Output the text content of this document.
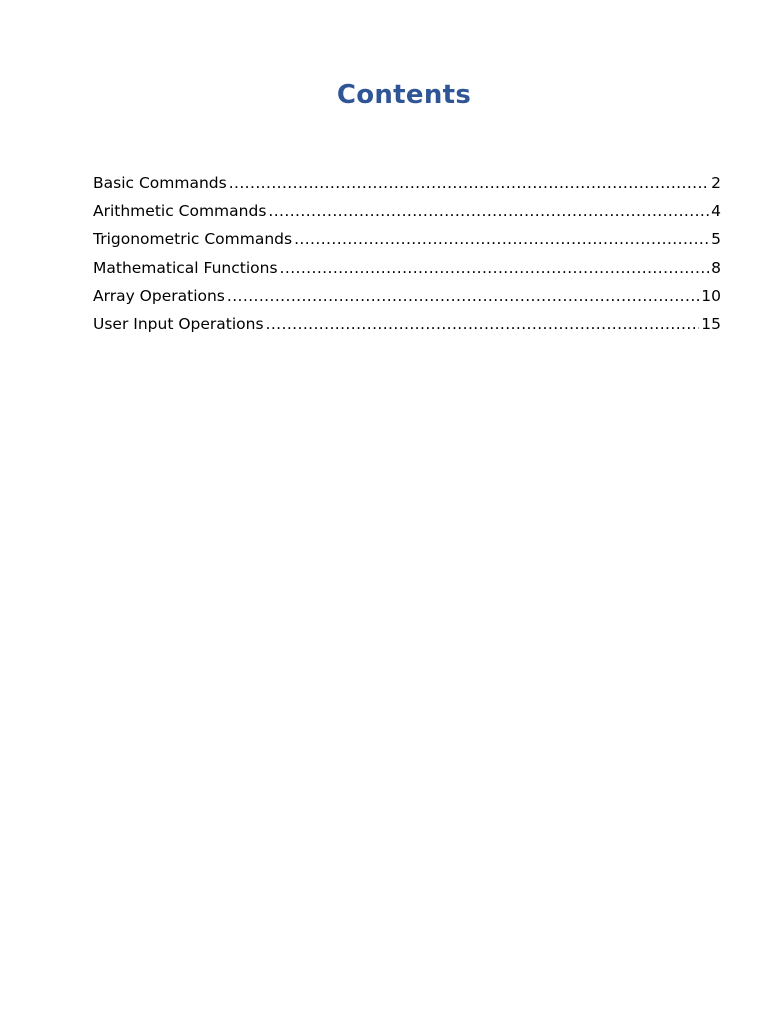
Contents
Basic Commands .....	2
Arithmetic Commands .....	4
Trigonometric Commands .....	5
Mathematical Functions .....	8
Array Operations .....	10
User Input Operations .....	15
